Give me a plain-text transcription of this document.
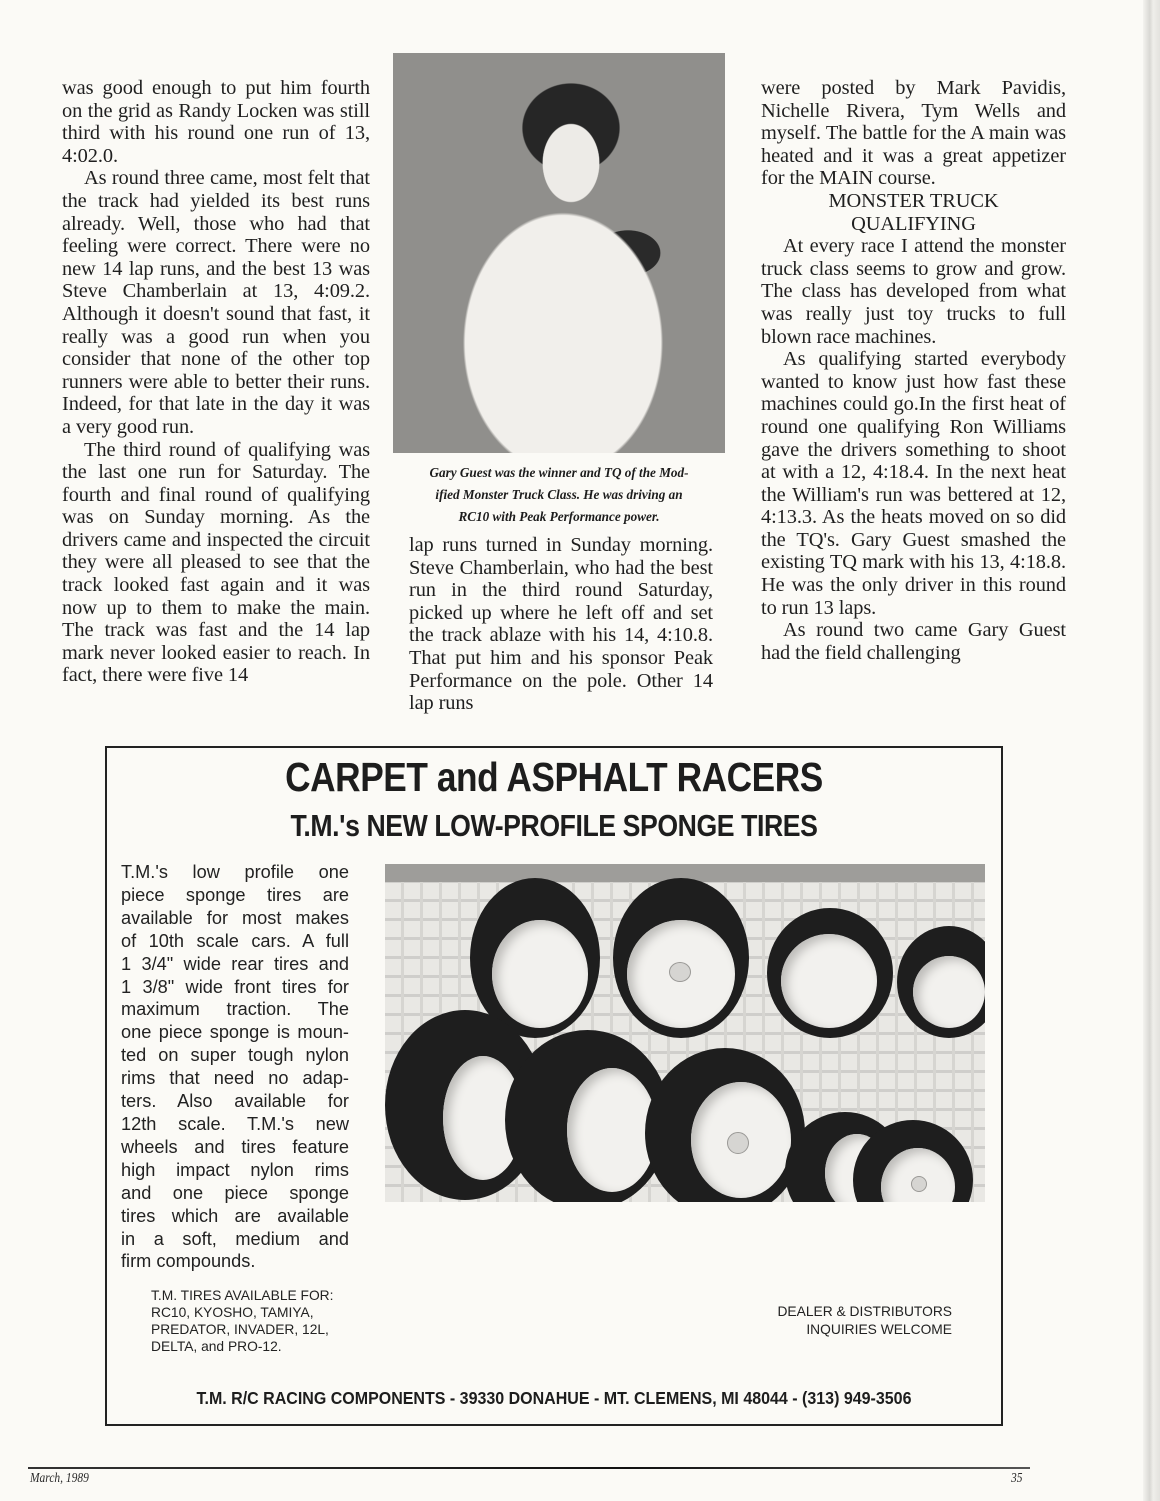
was good enough to put him fourth on the grid as Randy Locken was still third with his round one run of 13, 4:02.0.

As round three came, most felt that the track had yielded its best runs already. Well, those who had that feeling were correct. There were no new 14 lap runs, and the best 13 was Steve Chamberlain at 13, 4:09.2. Although it doesn't sound that fast, it really was a good run when you consider that none of the other top runners were able to better their runs. Indeed, for that late in the day it was a very good run.

The third round of qualifying was the last one run for Saturday. The fourth and final round of qualifying was on Sunday morning. As the drivers came and inspected the circuit they were all pleased to see that the track looked fast again and it was now up to them to make the main. The track was fast and the 14 lap mark never looked easier to reach. In fact, there were five 14

Gary Guest was the winner and TQ of the Mod-
ified Monster Truck Class. He was driving an
RC10 with Peak Performance power.

lap runs turned in Sunday morning. Steve Chamberlain, who had the best run in the third round Saturday, picked up where he left off and set the track ablaze with his 14, 4:10.8. That put him and his sponsor Peak Performance on the pole. Other 14 lap runs

were posted by Mark Pavidis, Nichelle Rivera, Tym Wells and myself. The battle for the A main was heated and it was a great appetizer for the MAIN course.

MONSTER TRUCK

QUALIFYING

At every race I attend the monster truck class seems to grow and grow. The class has developed from what was really just toy trucks to full blown race machines.

As qualifying started everybody wanted to know just how fast these machines could go.In the first heat of round one qualifying Ron Williams gave the drivers something to shoot at with a 12, 4:18.4. In the next heat the William's run was bettered at 12, 4:13.3. As the heats moved on so did the TQ's. Gary Guest smashed the existing TQ mark with his 13, 4:18.8. He was the only driver in this round to run 13 laps.

As round two came Gary Guest had the field challenging

CARPET and ASPHALT RACERS
T.M.'s NEW LOW-PROFILE SPONGE TIRES
T.M.'s low profile one
piece sponge tires are
available for most makes
of 10th scale cars. A full
1 3/4" wide rear tires and
1 3/8" wide front tires for
maximum traction. The
one piece sponge is moun-
ted on super tough nylon
rims that need no adap-
ters. Also available for
12th scale. T.M.'s new
wheels and tires feature
high impact nylon rims
and one piece sponge
tires which are available
in a soft, medium and
firm compounds.
T.M. TIRES AVAILABLE FOR:
RC10, KYOSHO, TAMIYA,
PREDATOR, INVADER, 12L,
DELTA, and PRO-12.
DEALER & DISTRIBUTORS
INQUIRIES WELCOME
T.M. R/C RACING COMPONENTS - 39330 DONAHUE - MT. CLEMENS, MI 48044 - (313) 949-3506
March, 1989	35
